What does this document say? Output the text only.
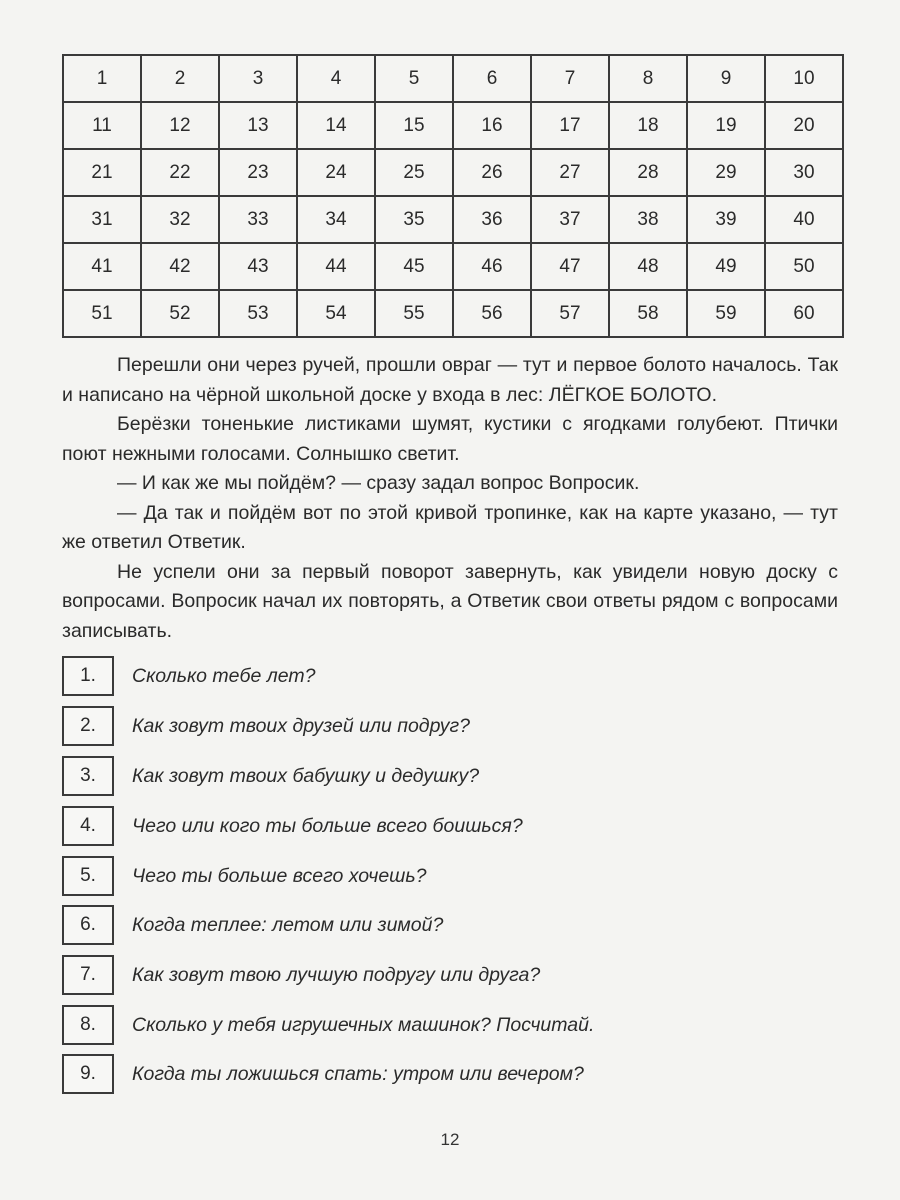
1	2	3	4	5	6	7	8	9	10
11	12	13	14	15	16	17	18	19	20
21	22	23	24	25	26	27	28	29	30
31	32	33	34	35	36	37	38	39	40
41	42	43	44	45	46	47	48	49	50
51	52	53	54	55	56	57	58	59	60

Перешли они через ручей, прошли овраг — тут и первое болото началось. Так и написано на чёрной школьной доске у входа в лес: ЛЁГКОЕ БОЛОТО.

Берёзки тоненькие листиками шумят, кустики с ягодками голубеют. Птички поют нежными голосами. Солнышко светит.

— И как же мы пойдём? — сразу задал вопрос Вопросик.

— Да так и пойдём вот по этой кривой тропинке, как на карте указано, — тут же ответил Ответик.

Не успели они за первый поворот завернуть, как увидели новую доску с вопросами. Вопросик начал их повторять, а Ответик свои ответы рядом с вопросами записывать.

1.	Сколько тебе лет?
2.	Как зовут твоих друзей или подруг?
3.	Как зовут твоих бабушку и дедушку?
4.	Чего или кого ты больше всего боишься?
5.	Чего ты больше всего хочешь?
6.	Когда теплее: летом или зимой?
7.	Как зовут твою лучшую подругу или друга?
8.	Сколько у тебя игрушечных машинок? Посчитай.
9.	Когда ты ложишься спать: утром или вечером?
12
